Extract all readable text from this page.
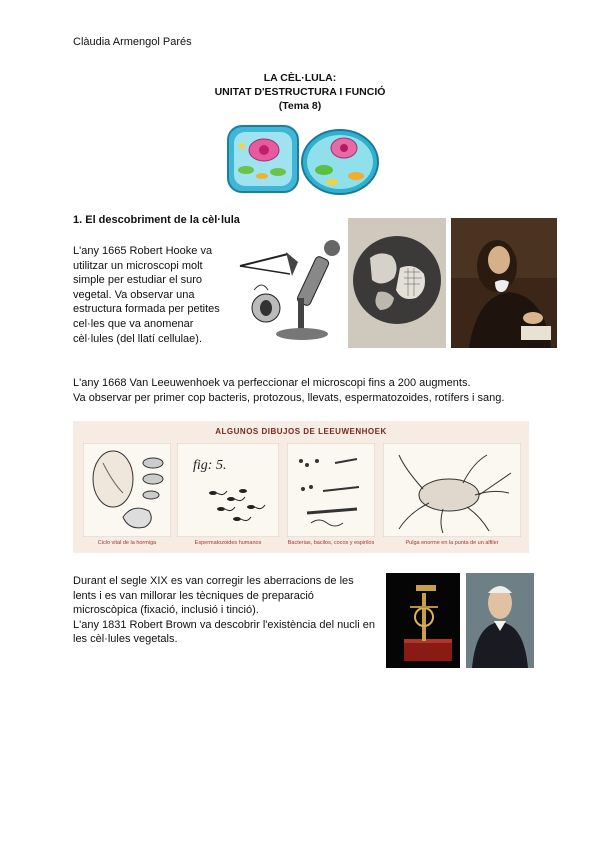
Clàudia Armengol Parés
LA CÈL·LULA:
UNITAT D'ESTRUCTURA I FUNCIÓ
(Tema 8)
1. El descobriment de la cèl·lula
L'any 1665 Robert Hooke va
utilitzar un microscopi molt
simple per estudiar el suro
vegetal. Va observar una
estructura formada per petites
cel·les que va anomenar
cèl·lules (del llatí cellulae).
L'any 1668 Van Leeuwenhoek va perfeccionar el microscopi fins a 200 augments.
Va observar per primer cop bacteris, protozous, llevats, espermatozoides, rotífers i sang.
ALGUNOS DIBUJOS DE LEEUWENHOEK
fig: 5.
Ciclo vital de la hormiga	Espermatozoides humanos	Bacterias, bacilos, cocos y espirilos	Pulga enorme en la punta de un alfiler
Durant el segle XIX es van corregir les aberracions de les
lents i es van millorar les tècniques de preparació
microscòpica (fixació, inclusió i tinció).
L'any 1831 Robert Brown va descobrir l'existència del nucli en
les cèl·lules vegetals.
